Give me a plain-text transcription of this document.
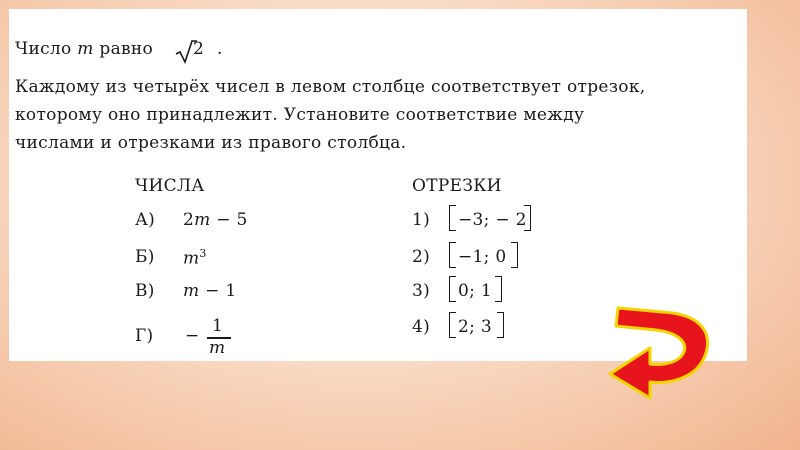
Число m равно 2 .
Каждому из четырёх чисел в левом столбце соответствует отрезок,
которому оно принадлежит. Установите соответствие между
числами и отрезками из правого столбца.
ЧИСЛА	ОТРЕЗКИ
А) 2m − 5
Б) $m^3$
В) m − 1
Г) − 1
m
1) −3; − 2
2) −1; 0
3) 0; 1
4) 2; 3
